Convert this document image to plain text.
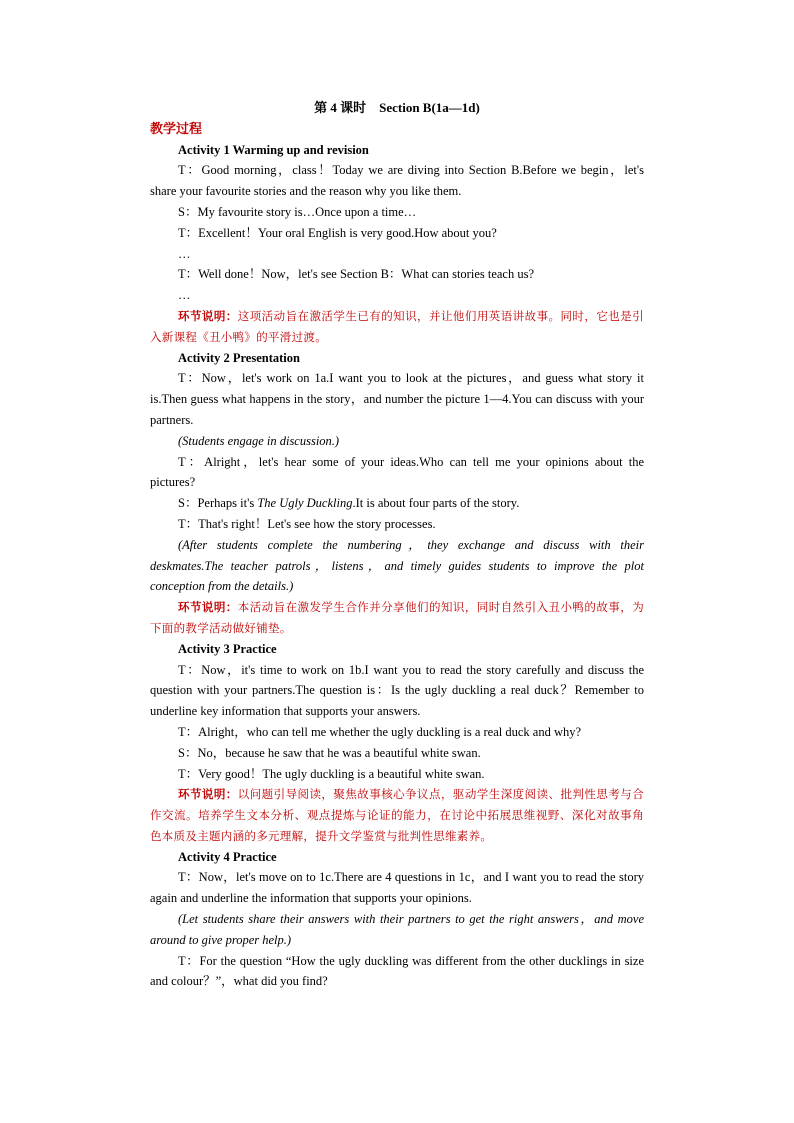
第 4 课时　Section B(1a—1d)

教学过程

Activity 1 Warming up and revision

T：Good morning，class！Today we are diving into Section B.Before we begin，let's share your favourite stories and the reason why you like them.

S：My favourite story is…Once upon a time…

T：Excellent！Your oral English is very good.How about you?

…

T：Well done！Now，let's see Section B：What can stories teach us?

…

环节说明：这项活动旨在激活学生已有的知识，并让他们用英语讲故事。同时，它也是引入新课程《丑小鸭》的平滑过渡。

Activity 2 Presentation

T：Now，let's work on 1a.I want you to look at the pictures，and guess what story it is.Then guess what happens in the story，and number the picture 1—4.You can discuss with your partners.

(Students engage in discussion.)

T：Alright，let's hear some of your ideas.Who can tell me your opinions about the pictures?

S：Perhaps it's The Ugly Duckling.It is about four parts of the story.

T：That's right！Let's see how the story processes.

(After students complete the numbering，they exchange and discuss with their deskmates.The teacher patrols，listens，and timely guides students to improve the plot conception from the details.)

环节说明：本活动旨在激发学生合作并分享他们的知识，同时自然引入丑小鸭的故事，为下面的教学活动做好铺垫。

Activity 3 Practice

T：Now，it's time to work on 1b.I want you to read the story carefully and discuss the question with your partners.The question is：Is the ugly duckling a real duck？Remember to underline key information that supports your answers.

T：Alright，who can tell me whether the ugly duckling is a real duck and why?

S：No，because he saw that he was a beautiful white swan.

T：Very good！The ugly duckling is a beautiful white swan.

环节说明：以问题引导阅读，聚焦故事核心争议点，驱动学生深度阅读、批判性思考与合作交流。培养学生文本分析、观点提炼与论证的能力，在讨论中拓展思维视野、深化对故事角色本质及主题内涵的多元理解，提升文学鉴赏与批判性思维素养。

Activity 4 Practice

T：Now，let's move on to 1c.There are 4 questions in 1c，and I want you to read the story again and underline the information that supports your opinions.

(Let students share their answers with their partners to get the right answers，and move around to give proper help.)

T：For the question “How the ugly duckling was different from the other ducklings in size and colour？”，what did you find?
